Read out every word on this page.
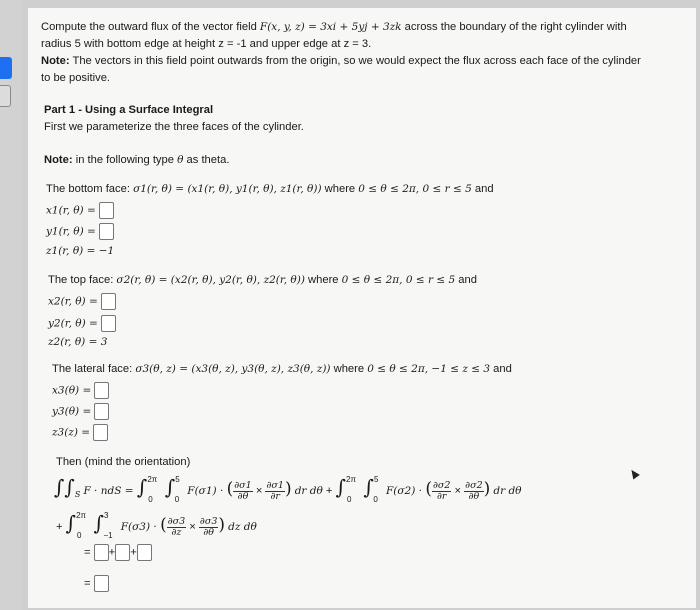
Compute the outward flux of the vector field F(x, y, z) = 3xi + 5yj + 3zk across the boundary of the right cylinder with
radius 5 with bottom edge at height z = -1 and upper edge at z = 3.
Note: The vectors in this field point outwards from the origin, so we would expect the flux across each face of the cylinder
to be positive.
Part 1 - Using a Surface Integral
First we parameterize the three faces of the cylinder.
Note: in the following type θ as theta.
The bottom face: σ1(r, θ) = (x1(r, θ), y1(r, θ), z1(r, θ)) where 0 ≤ θ ≤ 2π, 0 ≤ r ≤ 5 and
x1(r, θ) =
y1(r, θ) =
z1(r, θ) = −1
The top face: σ2(r, θ) = (x2(r, θ), y2(r, θ), z2(r, θ)) where 0 ≤ θ ≤ 2π, 0 ≤ r ≤ 5 and
x2(r, θ) =
y2(r, θ) =
z2(r, θ) = 3
The lateral face: σ3(θ, z) = (x3(θ, z), y3(θ, z), z3(θ, z)) where 0 ≤ θ ≤ 2π, −1 ≤ z ≤ 3 and
x3(θ) =
y3(θ) =
z3(z) =
Then (mind the orientation)
$\int\int_S$ F · ndS = ∫$^{2\pi}_0$ ∫$^5_0$ F(σ1) · ( $\frac{\partial\sigma 1}{\partial\theta} \times \frac{\partial\sigma 1}{\partial r}$ ) dr dθ + ∫$^{2\pi}_0$ ∫$^5_0$ F(σ2) · ( $\frac{\partial\sigma 2}{\partial r} \times \frac{\partial\sigma 2}{\partial\theta}$ ) dr dθ
+ ∫$^{2\pi}_0$ ∫$^3_{-1}$ F(σ3) · ( $\frac{\partial\sigma 3}{\partial z} \times \frac{\partial\sigma 3}{\partial\theta}$ ) dz dθ
= + +
=
